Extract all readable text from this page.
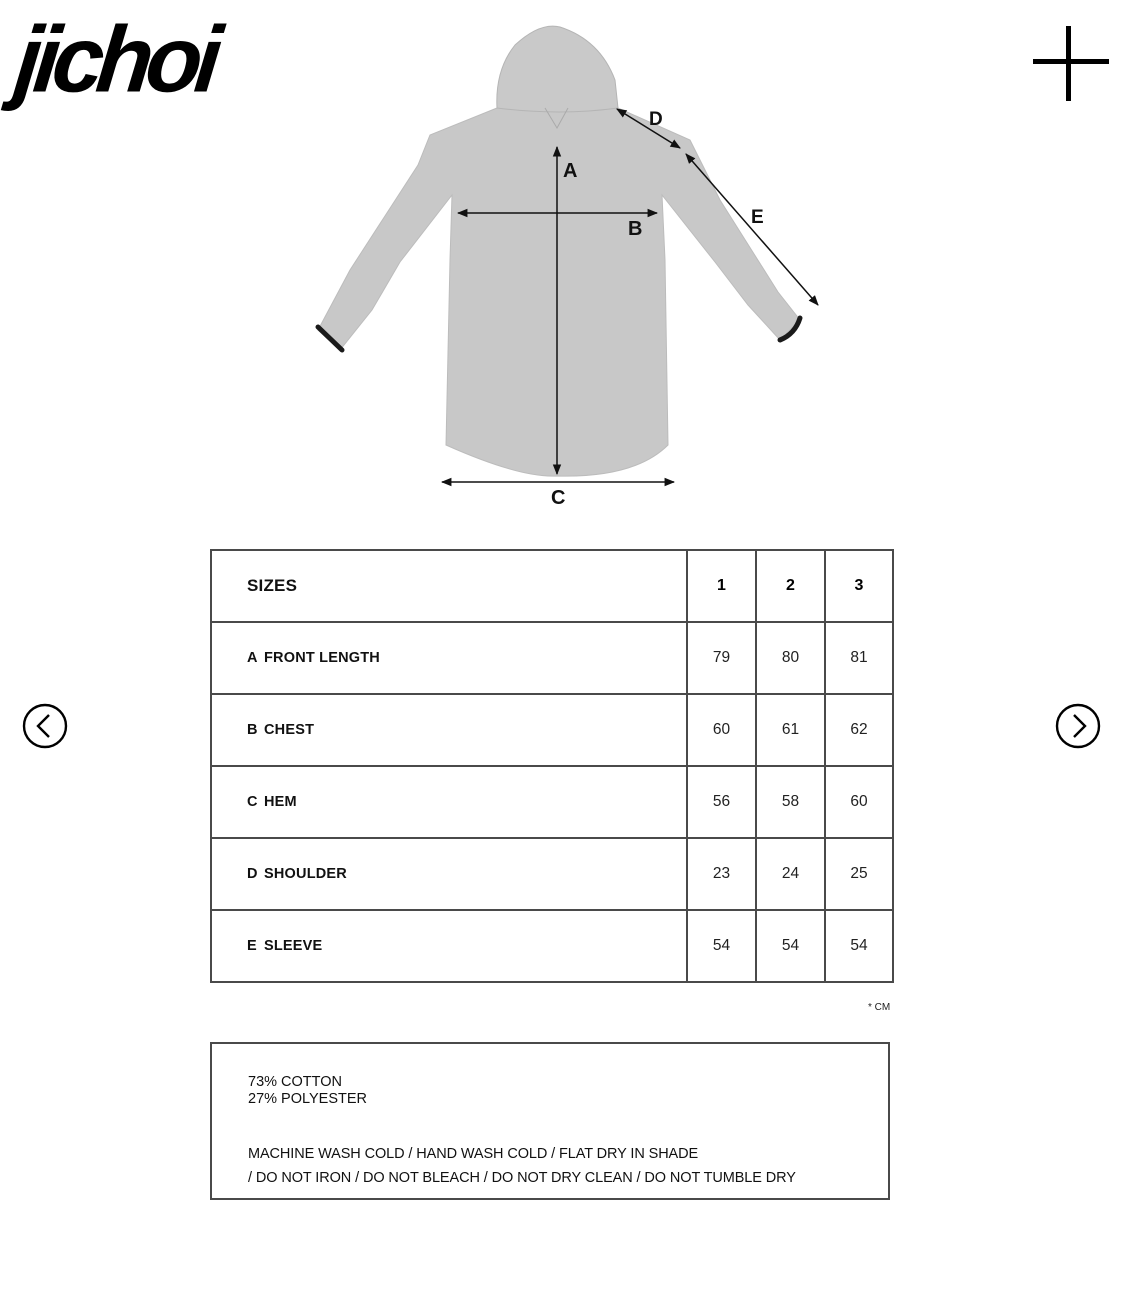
jichoi
A
B
C
D
E
SIZES	1	2	3
A FRONT LENGTH	79	80	81
B CHEST	60	61	62
C HEM	56	58	60
D SHOULDER	23	24	25
E SLEEVE	54	54	54
* CM
73% COTTON
27% POLYESTER
MACHINE WASH COLD / HAND WASH COLD / FLAT DRY IN SHADE
/ DO NOT IRON / DO NOT BLEACH / DO NOT DRY CLEAN / DO NOT TUMBLE DRY
